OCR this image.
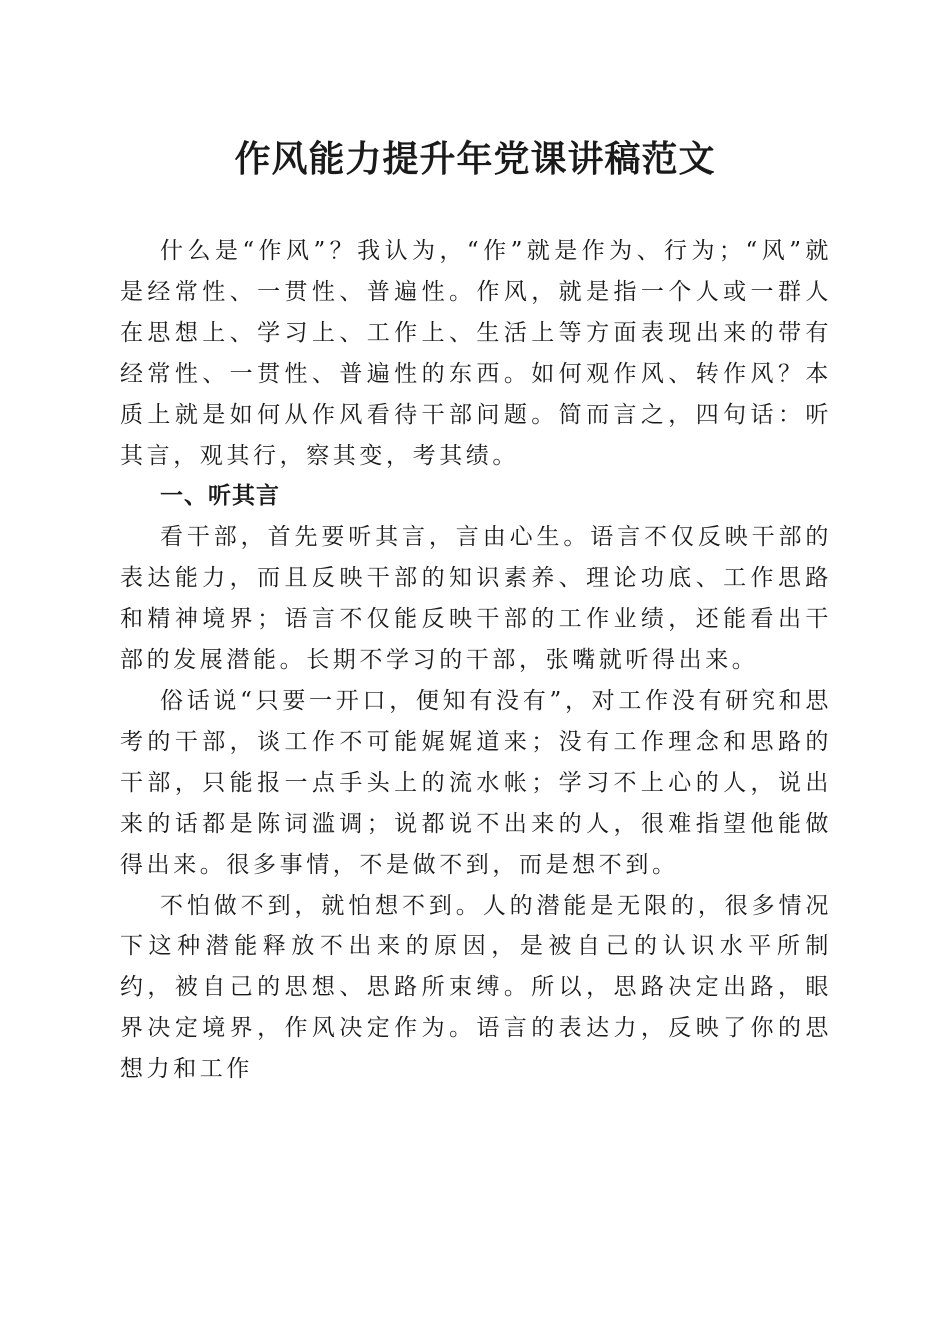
作风能力提升年党课讲稿范文

什么是“作风”？我认为，“作”就是作为、行为；“风”就是经常性、一贯性、普遍性。作风，就是指一个人或一群人在思想上、学习上、工作上、生活上等方面表现出来的带有经常性、一贯性、普遍性的东西。如何观作风、转作风？本质上就是如何从作风看待干部问题。简而言之，四句话：听其言，观其行，察其变，考其绩。

一、听其言

看干部，首先要听其言，言由心生。语言不仅反映干部的表达能力，而且反映干部的知识素养、理论功底、工作思路和精神境界；语言不仅能反映干部的工作业绩，还能看出干部的发展潜能。长期不学习的干部，张嘴就听得出来。

俗话说“只要一开口，便知有没有”，对工作没有研究和思考的干部，谈工作不可能娓娓道来；没有工作理念和思路的干部，只能报一点手头上的流水帐；学习不上心的人，说出来的话都是陈词滥调；说都说不出来的人，很难指望他能做得出来。很多事情，不是做不到，而是想不到。

不怕做不到，就怕想不到。人的潜能是无限的，很多情况下这种潜能释放不出来的原因，是被自己的认识水平所制约，被自己的思想、思路所束缚。所以，思路决定出路，眼界决定境界，作风决定作为。语言的表达力，反映了你的思想力和工作
